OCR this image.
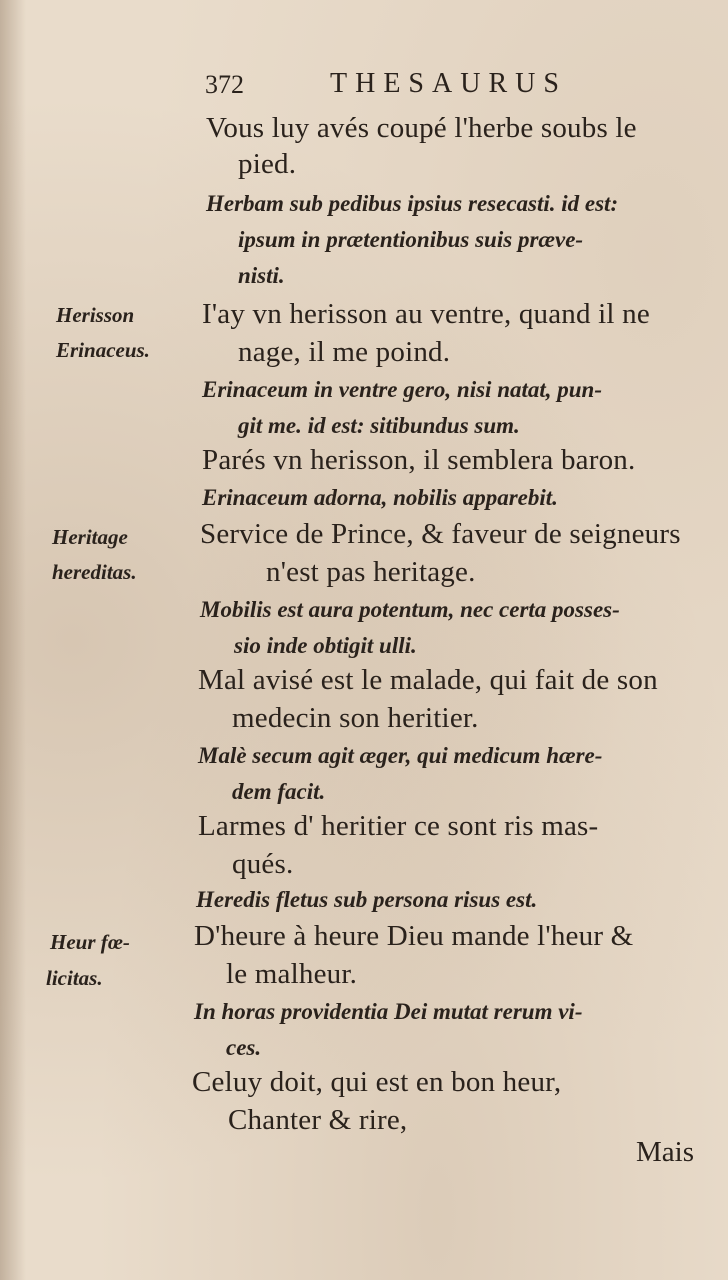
372	THESAURUS
Herisson
Erinaceus.
Heritage
hereditas.
Heur fœ-
licitas.
Vous luy avés coupé l'herbe soubs le
pied.
Herbam sub pedibus ipsius resecasti. id est:
ipsum in prætentionibus suis præve-
nisti.
I'ay vn herisson au ventre, quand il ne
nage, il me poind.
Erinaceum in ventre gero, nisi natat, pun-
git me. id est: sitibundus sum.
Parés vn herisson, il semblera baron.
Erinaceum adorna, nobilis apparebit.
Service de Prince, & faveur de seigneurs
n'est pas heritage.
Mobilis est aura potentum, nec certa posses-
sio inde obtigit ulli.
Mal avisé est le malade, qui fait de son
medecin son heritier.
Malè secum agit æger, qui medicum hære-
dem facit.
Larmes d' heritier ce sont ris mas-
qués.
Heredis fletus sub persona risus est.
D'heure à heure Dieu mande l'heur &
le malheur.
In horas providentia Dei mutat rerum vi-
ces.
Celuy doit, qui est en bon heur,
Chanter & rire,
Mais
